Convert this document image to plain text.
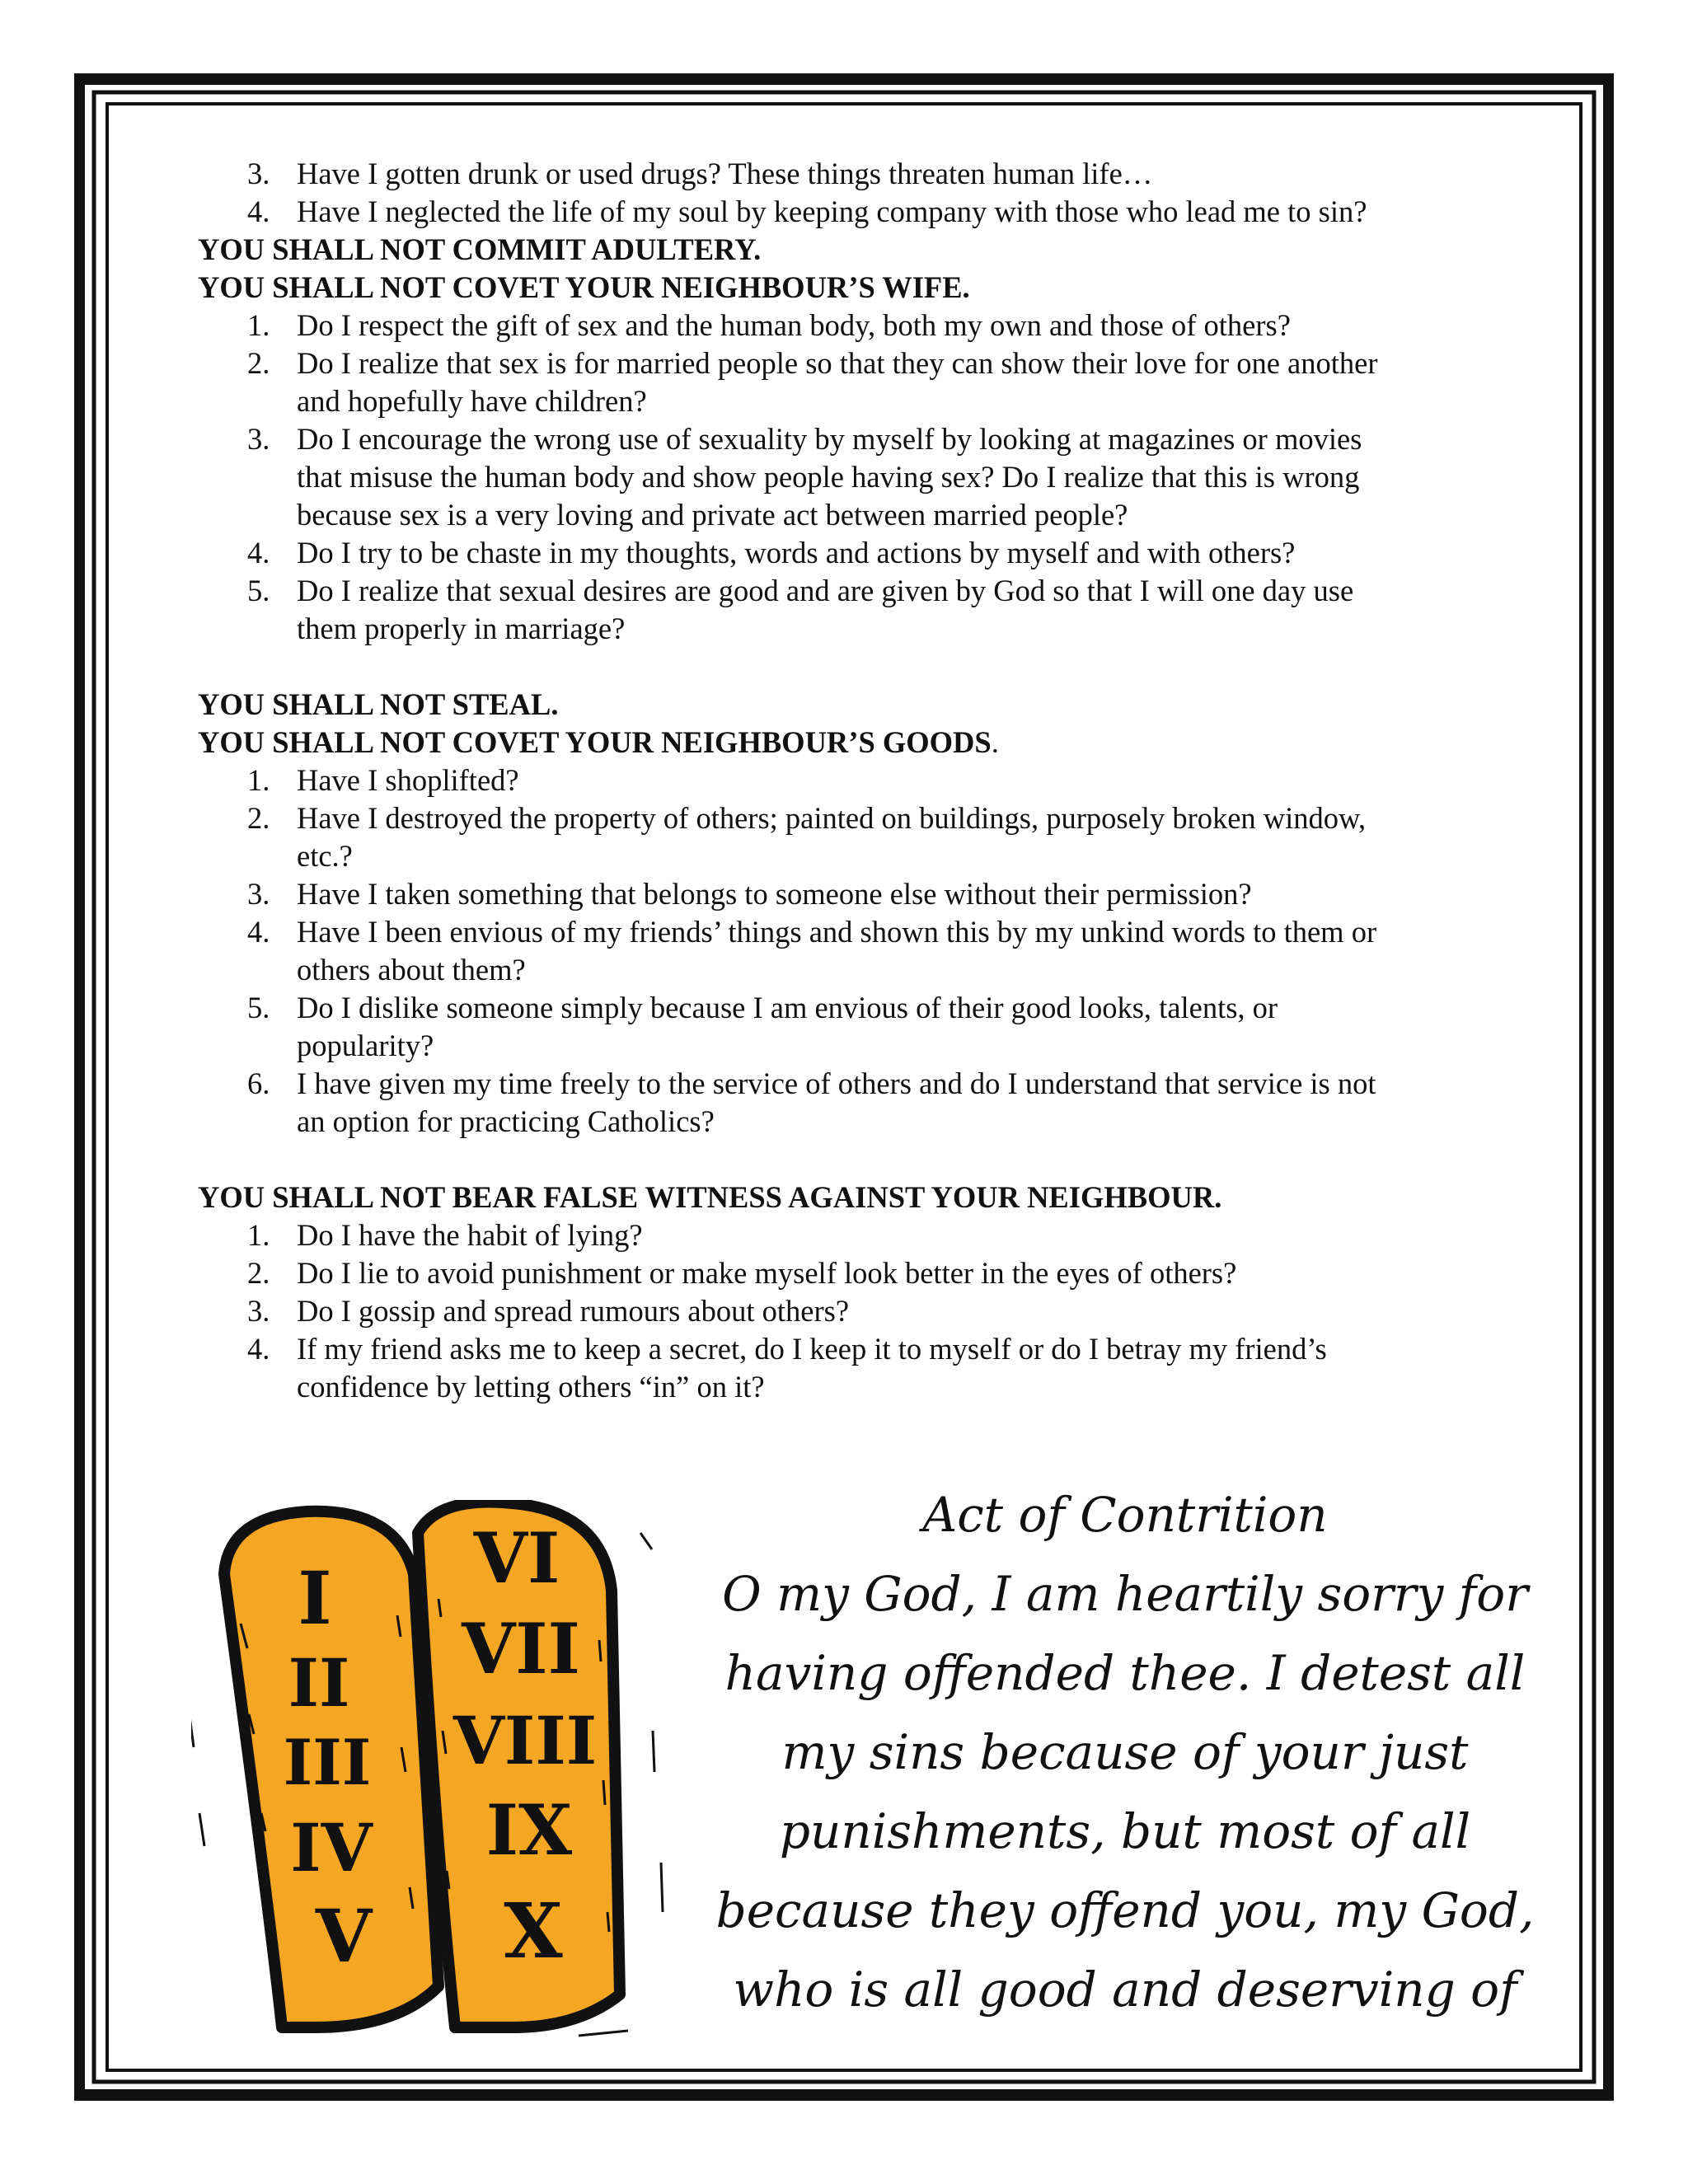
3. Have I gotten drunk or used drugs? These things threaten human life…
4. Have I neglected the life of my soul by keeping company with those who lead me to sin?

YOU SHALL NOT COMMIT ADULTERY.

YOU SHALL NOT COVET YOUR NEIGHBOUR’S WIFE.

1. Do I respect the gift of sex and the human body, both my own and those of others?
2. Do I realize that sex is for married people so that they can show their love for one another
and hopefully have children?
3. Do I encourage the wrong use of sexuality by myself by looking at magazines or movies
that misuse the human body and show people having sex? Do I realize that this is wrong
because sex is a very loving and private act between married people?
4. Do I try to be chaste in my thoughts, words and actions by myself and with others?
5. Do I realize that sexual desires are good and are given by God so that I will one day use
them properly in marriage?

YOU SHALL NOT STEAL.

YOU SHALL NOT COVET YOUR NEIGHBOUR’S GOODS.

1. Have I shoplifted?
2. Have I destroyed the property of others; painted on buildings, purposely broken window,
etc.?
3. Have I taken something that belongs to someone else without their permission?
4. Have I been envious of my friends’ things and shown this by my unkind words to them or
others about them?
5. Do I dislike someone simply because I am envious of their good looks, talents, or
popularity?
6. I have given my time freely to the service of others and do I understand that service is not
an option for practicing Catholics?

YOU SHALL NOT BEAR FALSE WITNESS AGAINST YOUR NEIGHBOUR.

1. Do I have the habit of lying?
2. Do I lie to avoid punishment or make myself look better in the eyes of others?
3. Do I gossip and spread rumours about others?
4. If my friend asks me to keep a secret, do I keep it to myself or do I betray my friend’s
confidence by letting others “in” on it?
I
II
III
IV
V
VI
VII
VIII
IX
X
Act of Contrition
O my God, I am heartily sorry for
having offended thee. I detest all
my sins because of your just
punishments, but most of all
because they offend you, my God,
who is all good and deserving of
